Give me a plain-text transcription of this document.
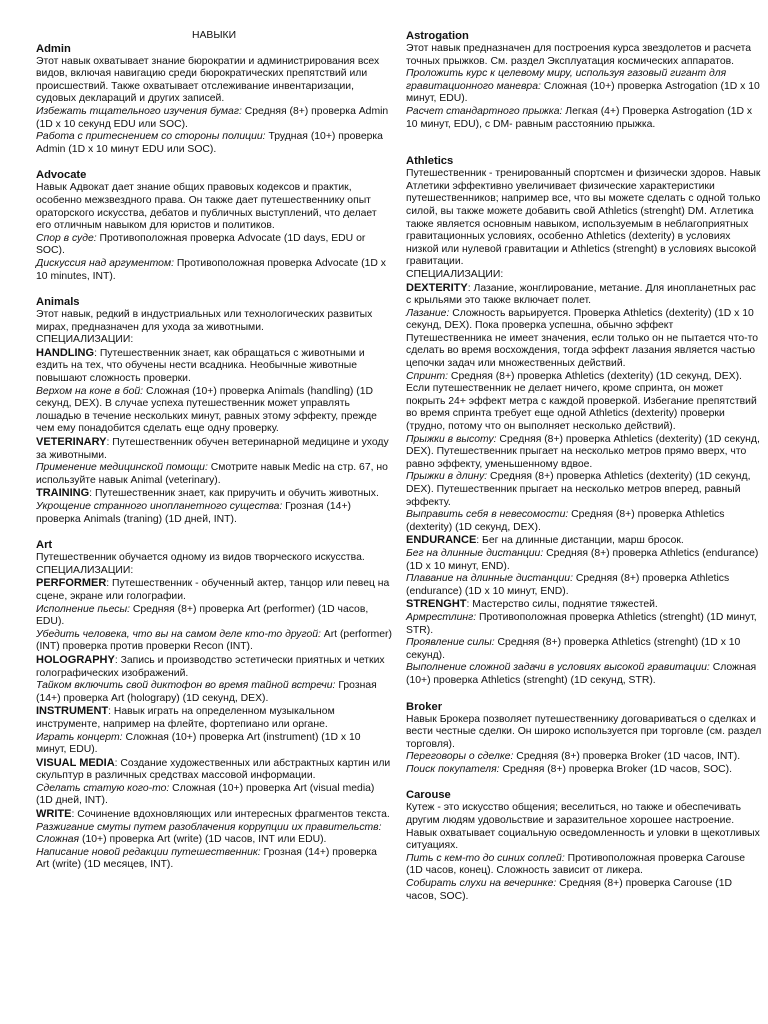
НАВЫКИ

Admin

Этот навык охватывает знание бюрократии и администрирования всех видов, включая навигацию среди бюрократических препятствий или происшествий. Также охватывает отслеживание инвентаризации, судовых деклараций и других записей.

Избежать тщательного изучения бумаг: Средняя (8+) проверка Admin (1D x 10 секунд EDU или SOC).

Работа с притеснением со стороны полиции: Трудная (10+) проверка Admin (1D x 10 минут EDU или SOC).

Advocate

Навык Адвокат дает знание общих правовых кодексов и практик, особенно межзвездного права. Он также дает путешественнику опыт ораторского искусства, дебатов и публичных выступлений, что делает его отличным навыком для юристов и политиков.

Спор в суде: Противоположная проверка Advocate (1D days, EDU or SOC).

Дискуссия над аргументом: Противоположная проверка Advocate (1D x 10 minutes, INT).

Animals

Этот навык, редкий в индустриальных или технологических развитых мирах, предназначен для ухода за животными.

СПЕЦИАЛИЗАЦИИ:

HANDLING: Путешественник знает, как обращаться с животными и ездить на тех, что обучены нести всадника. Необычные животные повышают сложность проверки.

Верхом на коне в бой: Сложная (10+) проверка Animals (handling) (1D секунд, DEX). В случае успеха путешественник может управлять лошадью в течение нескольких минут, равных этому эффекту, прежде чем ему понадобится сделать еще одну проверку.

VETERINARY: Путешественник обучен ветеринарной медицине и уходу за животными.

Применение медицинской помощи: Смотрите навык Medic на стр. 67, но используйте навык Animal (veterinary).

TRAINING: Путешественник знает, как приручить и обучить животных.

Укрощение странного инопланетного существа: Грозная (14+) проверка Animals (traning) (1D дней, INT).

Art

Путешественник обучается одному из видов творческого искусства.

СПЕЦИАЛИЗАЦИИ:

PERFORMER: Путешественник - обученный актер, танцор или певец на сцене, экране или голографии.

Исполнение пьесы: Средняя (8+) проверка Art (performer) (1D часов, EDU).

Убедить человека, что вы на самом деле кто-то другой: Art (performer) (INT) проверка против проверки Recon (INT).

HOLOGRAPHY: Запись и производство эстетически приятных и четких голографических изображений.

Тайком включить свой диктофон во время тайной встречи: Грозная (14+) проверка Art (holograpy) (1D секунд, DEX).

INSTRUMENT: Навык играть на определенном музыкальном инструменте, например на флейте, фортепиано или органе.

Играть концерт: Сложная (10+) проверка Art (instrument) (1D x 10 минут, EDU).

VISUAL MEDIA: Создание художественных или абстрактных картин или скульптур в различных средствах массовой информации.

Сделать статую кого-то: Сложная (10+) проверка Art (visual media) (1D дней, INT).

WRITE: Сочинение вдохновляющих или интересных фрагментов текста.

Разжигание смуты путем разоблачения коррупции их правительств: Сложная (10+) проверка Art (write) (1D часов, INT или EDU).

Написание новой редакции путешественник: Грозная (14+) проверка Art (write) (1D месяцев, INT).

Astrogation

Этот навык предназначен для построения курса звездолетов и расчета точных прыжков. См. раздел Эксплуатация космических аппаратов.

Проложить курс к целевому миру, используя газовый гигант для гравитационного маневра: Сложная (10+) проверка Astrogation (1D x 10 минут, EDU).

Расчет стандартного прыжка: Легкая (4+) Проверка Astrogation (1D x 10 минут, EDU), с DM- равным расстоянию прыжка.

Athletics

Путешественник - тренированный спортсмен и физически здоров. Навык Атлетики эффективно увеличивает физические характеристики путешественников; например все, что вы можете сделать с одной только силой, вы также можете добавить свой Athletics (strenght) DM. Атлетика также является основным навыком, используемым в неблагоприятных гравитационных условиях, особенно Athletics (dexterity) в условиях низкой или нулевой гравитации и Athletics (strenght) в условиях высокой гравитации.

СПЕЦИАЛИЗАЦИИ:

DEXTERITY: Лазание, жонглирование, метание. Для инопланетных рас с крыльями это также включает полет.

Лазание: Сложность варьируется. Проверка Athletics (dexterity) (1D x 10 секунд, DEX). Пока проверка успешна, обычно эффект Путешественника не имеет значения, если только он не пытается что-то сделать во время восхождения, тогда эффект лазания является частью цепочки задач или множественных действий.

Спринт: Средняя (8+) проверка Athletics (dexterity) (1D секунд, DEX). Если путешественник не делает ничего, кроме спринта, он может покрыть 24+ эффект метра с каждой проверкой. Избегание препятствий во время спринта требует еще одной Athletics (dexterity) проверки (трудно, потому что он выполняет несколько действий).

Прыжки в высоту: Средняя (8+) проверка Athletics (dexterity) (1D секунд, DEX). Путешественник прыгает на несколько метров прямо вверх, что равно эффекту, уменьшенному вдвое.

Прыжки в длину: Средняя (8+) проверка Athletics (dexterity) (1D секунд, DEX). Путешественник прыгает на несколько метров вперед, равный эффекту.

Выправить себя в невесомости: Средняя (8+) проверка Athletics (dexterity) (1D секунд, DEX).

ENDURANCE: Бег на длинные дистанции, марш бросок.

Бег на длинные дистанции: Средняя (8+) проверка Athletics (endurance) (1D x 10 минут, END).

Плавание на длинные дистанции: Средняя (8+) проверка Athletics (endurance) (1D x 10 минут, END).

STRENGHT: Мастерство силы, поднятие тяжестей.

Армрестлинг: Противоположная проверка Athletics (strenght) (1D минут, STR).

Проявление силы: Средняя (8+) проверка Athletics (strenght) (1D x 10 секунд).

Выполнение сложной задачи в условиях высокой гравитации: Сложная (10+) проверка Athletics (strenght) (1D секунд, STR).

Broker

Навык Брокера позволяет путешественнику договариваться о сделках и вести честные сделки. Он широко используется при торговле (см. раздел торговля).

Переговоры о сделке: Средняя (8+) проверка Broker (1D часов, INT).

Поиск покупателя: Средняя (8+) проверка Broker (1D часов, SOC).

Carouse

Кутеж - это искусство общения; веселиться, но также и обеспечивать другим людям удовольствие и заразительное хорошее настроение. Навык охватывает социальную осведомленность и уловки в щекотливых ситуациях.

Пить с кем-то до синих соплей: Противоположная проверка Carouse (1D часов, конец). Сложность зависит от ликера.

Собирать слухи на вечеринке: Средняя (8+) проверка Carouse (1D часов, SOC).
